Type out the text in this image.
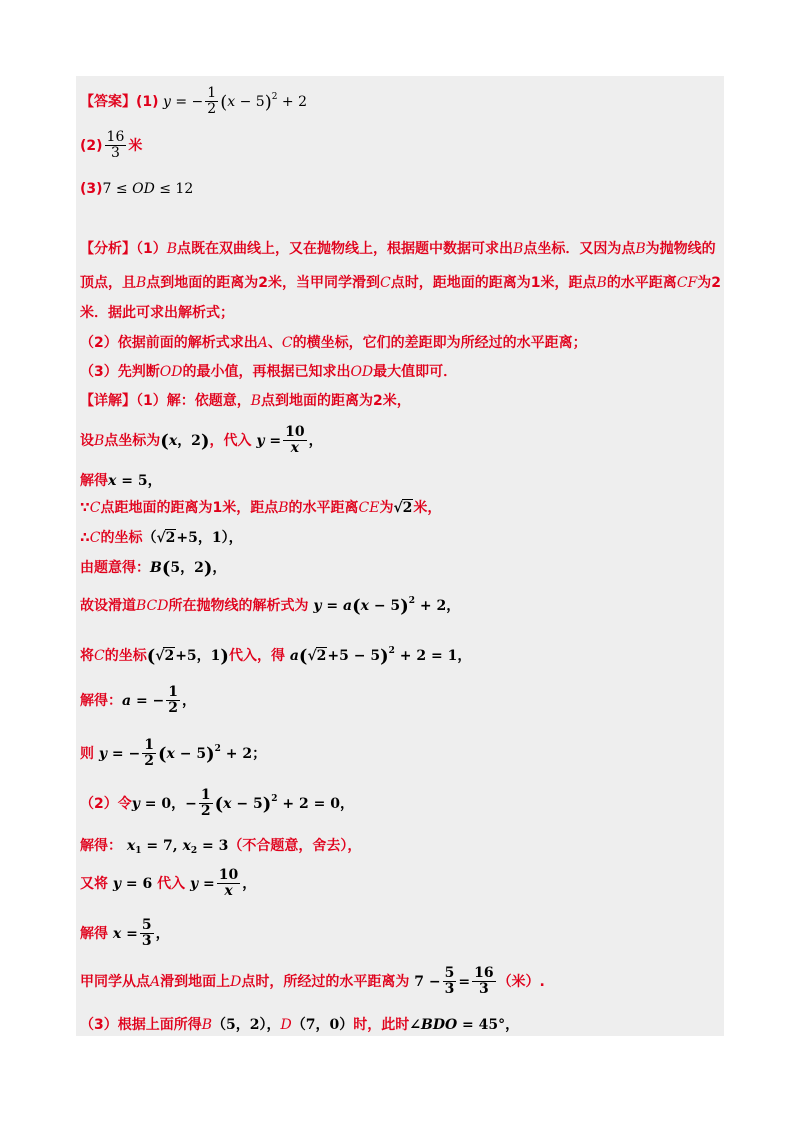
【答案】(1) y = − $\frac{1}{2} (x - 5)^2 + 2$
$(2) \frac{16}{3}$ 米
(3)7 ≤ OD ≤ 12
【分析】（1）B点既在双曲线上，又在抛物线上，根据题中数据可求出B点坐标．又因为点B为抛物线的
顶点，且B点到地面的距离为2米，当甲同学滑到C点时，距地面的距离为1米，距点B的水平距离CF为2
米．据此可求出解析式；
（2）依据前面的解析式求出A、C的横坐标，它们的差距即为所经过的水平距离；
（3）先判断OD的最小值，再根据已知求出OD最大值即可．
【详解】（1）解：依题意，B点到地面的距离为2米，
设B点坐标为(x，2)，代入 $y = \frac{10}{x}$ ，
解得x = 5，
∵C点距地面的距离为1米，距点B的水平距离CE为√2米，
∴C的坐标（√2+5，1），
由题意得：B(5，2)，
故设滑道BCD所在抛物线的解析式为 $y = a(x - 5)^2 + 2$，
将C的坐标(√2+5，1)代入，得 $a(√2+5 - 5)^2 + 2 = 1$，
解得：a = − $\frac{1}{2}$ ，
则 y = − $\frac{1}{2} (x - 5)^2 + 2$；
（2）令y = 0，− $\frac{1}{2} (x - 5)^2 + 2 = 0$，
解得： $x_1 = 7$, $x_2 = 3$（不合题意，舍去），
又将 y = 6 代入 $y = \frac{10}{x}$ ，
解得 $x = \frac{5}{3}$ ，
甲同学从点A滑到地面上D点时，所经过的水平距离为 $7 - \frac{5}{3} = \frac{16}{3}$ （米）.
（3）根据上面所得B（5，2），D（7，0）时，此时∠BDO = 45°，
